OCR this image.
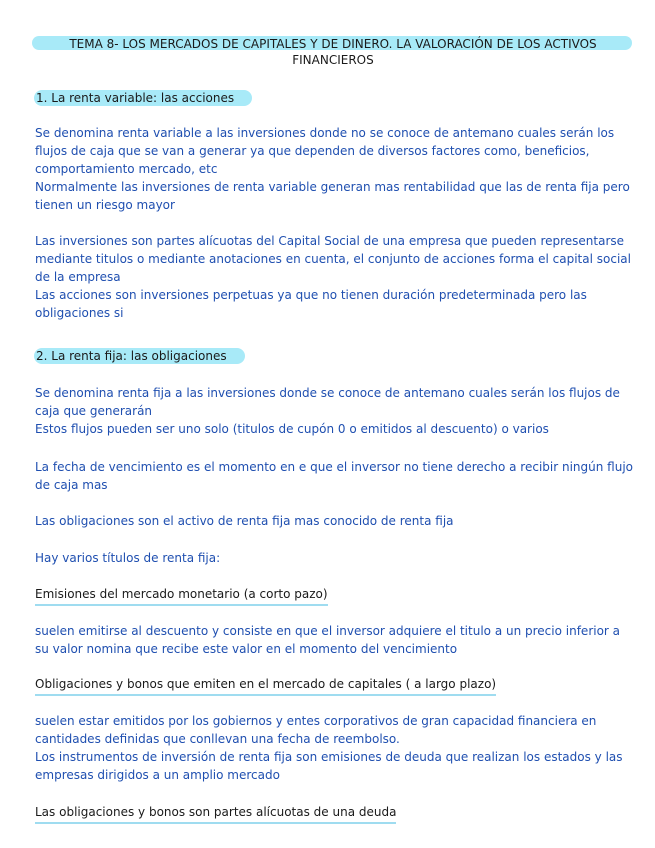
TEMA 8- LOS MERCADOS DE CAPITALES Y DE DINERO. LA VALORACIÓN DE LOS ACTIVOS FINANCIEROS
1. La renta variable: las acciones
Se denomina renta variable a las inversiones donde no se conoce de antemano cuales serán los flujos de caja que se van a generar ya que dependen de diversos factores como, beneficios, comportamiento mercado, etc
Normalmente las inversiones de renta variable generan mas rentabilidad que las de renta fija pero tienen un riesgo mayor
Las inversiones son partes alícuotas del Capital Social de una empresa que pueden representarse mediante titulos o mediante anotaciones en cuenta, el conjunto de acciones forma el capital social de la empresa
Las acciones son inversiones perpetuas ya que no tienen duración predeterminada pero las obligaciones si
2. La renta fija: las obligaciones
Se denomina renta fija a las inversiones donde se conoce de antemano cuales serán los flujos de caja que generarán
Estos flujos pueden ser uno solo (titulos de cupón 0 o emitidos al descuento) o varios
La fecha de vencimiento es el momento en e que el inversor no tiene derecho a recibir ningún flujo de caja mas
Las obligaciones son el activo de renta fija mas conocido de renta fija
Hay varios títulos de renta fija:
Emisiones del mercado monetario (a corto pazo)
suelen emitirse al descuento y consiste en que el inversor adquiere el titulo a un precio inferior a su valor nomina que recibe este valor en el momento del vencimiento
Obligaciones y bonos que emiten en el mercado de capitales ( a largo plazo)
suelen estar emitidos por los gobiernos y entes corporativos de gran capacidad financiera en cantidades definidas que conllevan una fecha de reembolso.
Los instrumentos de inversión de renta fija son emisiones de deuda que realizan los estados y las empresas dirigidos a un amplio mercado
Las obligaciones y bonos son partes alícuotas de una deuda
